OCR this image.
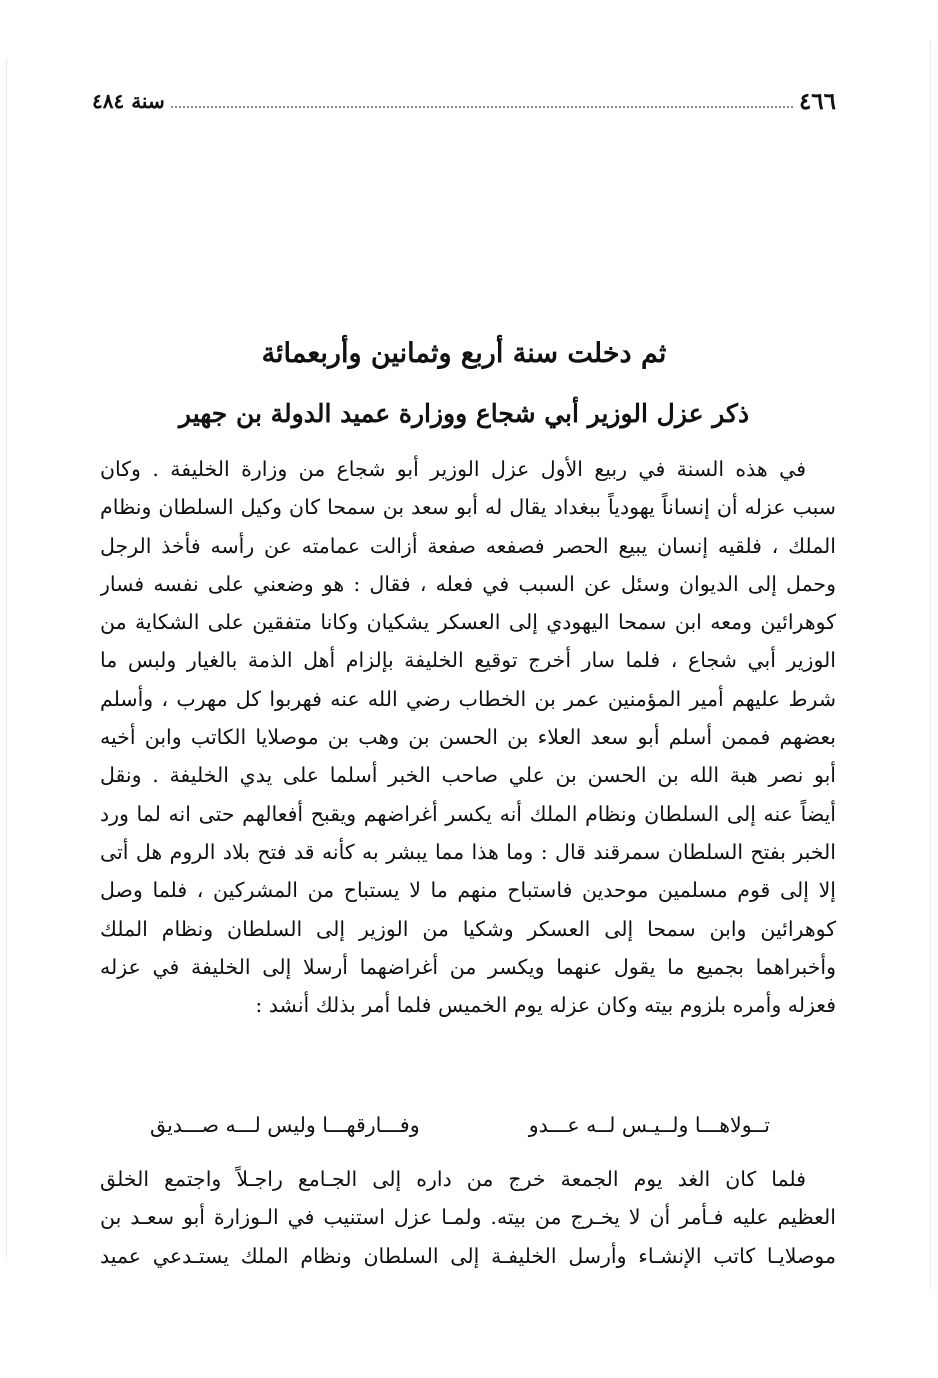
٤٦٦
سنة ٤٨٤
ثم دخلت سنة أربع وثمانين وأربعمائة
ذكر عزل الوزير أبي شجاع ووزارة عميد الدولة بن جهير
في هذه السنة في ربيع الأول عزل الوزير أبو شجاع من وزارة الخليفة . وكان
سبب عزله أن إنساناً يهودياً ببغداد يقال له أبو سعد بن سمحا كان وكيل السلطان ونظام
الملك ، فلقيه إنسان يبيع الحصر فصفعه صفعة أزالت عمامته عن رأسه فأخذ الرجل
وحمل إلى الديوان وسئل عن السبب في فعله ، فقال : هو وضعني على نفسه فسار
كوهرائين ومعه ابن سمحا اليهودي إلى العسكر يشكيان وكانا متفقين على الشكاية من
الوزير أبي شجاع ، فلما سار أخرج توقيع الخليفة بإلزام أهل الذمة بالغيار ولبس ما
شرط عليهم أمير المؤمنين عمر بن الخطاب رضي الله عنه فهربوا كل مهرب ، وأسلم
بعضهم فممن أسلم أبو سعد العلاء بن الحسن بن وهب بن موصلايا الكاتب وابن أخيه
أبو نصر هبة الله بن الحسن بن علي صاحب الخبر أسلما على يدي الخليفة . ونقل
أيضاً عنه إلى السلطان ونظام الملك أنه يكسر أغراضهم ويقبح أفعالهم حتى انه لما ورد
الخبر بفتح السلطان سمرقند قال : وما هذا مما يبشر به كأنه قد فتح بلاد الروم هل أتى
إلا إلى قوم مسلمين موحدين فاستباح منهم ما لا يستباح من المشركين ، فلما وصل
كوهرائين وابن سمحا إلى العسكر وشكيا من الوزير إلى السلطان ونظام الملك
وأخبراهما بجميع ما يقول عنهما ويكسر من أغراضهما أرسلا إلى الخليفة في عزله
فعزله وأمره بلزوم بيته وكان عزله يوم الخميس فلما أمر بذلك أنشد :
تــولاهـــا ولــيـس لــه عـــدو
وفـــارقهـــا وليس لـــه صـــديق
فلما كان الغد يوم الجمعة خرج من داره إلى الجـامع راجـلاً واجتمع الخلق
العظيم عليه فـأمر أن لا يخـرج من بيته. ولمـا عزل استنيب في الـوزارة أبو سعـد بن
موصلايـا كاتب الإنشـاء وأرسل الخليفـة إلى السلطان ونظام الملك يستـدعي عميد
